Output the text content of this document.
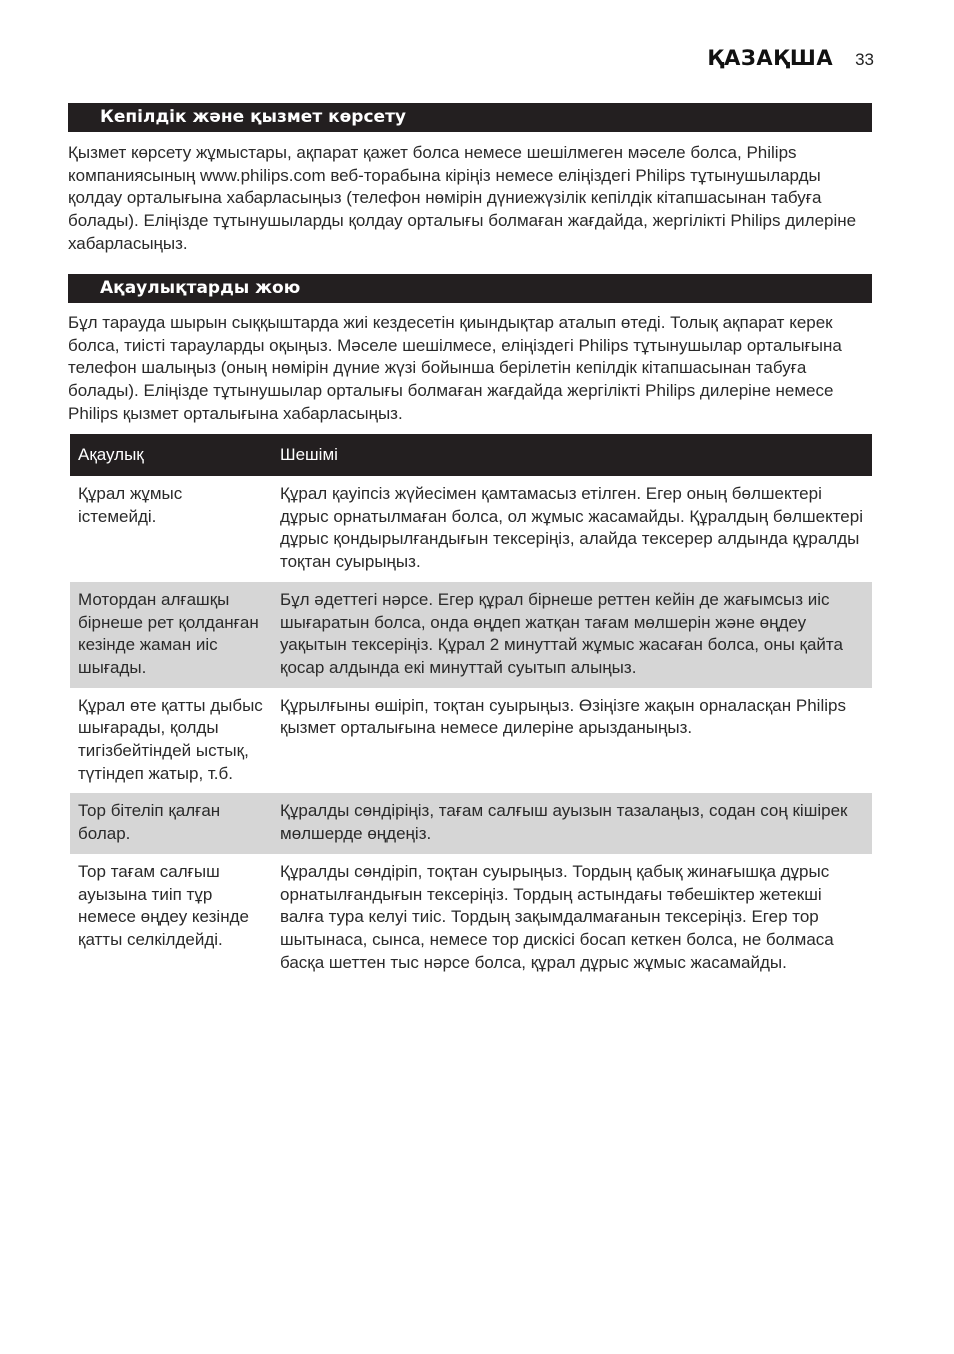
ҚАЗАҚША 33
Кепілдік және қызмет көрсету

Қызмет көрсету жұмыстары, ақпарат қажет болса немесе шешілмеген мәселе болса, Philips компаниясының www.philips.com веб-торабына кіріңіз немесе еліңіздегі Philips тұтынушыларды қолдау орталығына хабарласыңыз (телефон нөмірін дүниежүзілік кепілдік кітапшасынан табуға болады). Еліңізде тұтынушыларды қолдау орталығы болмаған жағдайда, жергілікті Philips дилеріне хабарласыңыз.

Ақаулықтарды жою

Бұл тарауда шырын сыққыштарда жиі кездесетін қиындықтар аталып өтеді. Толық ақпарат керек болса, тиісті тарауларды оқыңыз. Мәселе шешілмесе, еліңіздегі Philips тұтынушылар орталығына телефон шалыңыз (оның нөмірін дүние жүзі бойынша берілетін кепілдік кітапшасынан табуға болады). Еліңізде тұтынушылар орталығы болмаған жағдайда жергілікті Philips дилеріне немесе Philips қызмет орталығына хабарласыңыз.

Ақаулық	Шешімі
Құрал жұмыс істемейді.	Құрал қауіпсіз жүйесімен қамтамасыз етілген. Егер оның бөлшектері дұрыс орнатылмаған болса, ол жұмыс жасамайды. Құралдың бөлшектері дұрыс қондырылғандығын тексеріңіз, алайда тексерер алдында құралды тоқтан суырыңыз.
Мотордан алғашқы бірнеше рет қолданған кезінде жаман иіс шығады.	Бұл әдеттегі нәрсе. Егер құрал бірнеше реттен кейін де жағымсыз иіс шығаратын болса, онда өңдеп жатқан тағам мөлшерін және өңдеу уақытын тексеріңіз. Құрал 2 минуттай жұмыс жасаған болса, оны қайта қосар алдында екі минуттай суытып алыңыз.
Құрал өте қатты дыбыс шығарады, қолды тигізбейтіндей ыстық, түтіндеп жатыр, т.б.	Құрылғыны өшіріп, тоқтан суырыңыз. Өзіңізге жақын орналасқан Philips қызмет орталығына немесе дилеріне арызданыңыз.
Тор бітеліп қалған болар.	Құралды сөндіріңіз, тағам салғыш ауызын тазалаңыз, содан соң кішірек мөлшерде өңдеңіз.
Тор тағам салғыш ауызына тиіп тұр немесе өңдеу кезінде қатты селкілдейді.	Құралды сөндіріп, тоқтан суырыңыз. Тордың қабық жинағышқа дұрыс орнатылғандығын тексеріңіз. Тордың астындағы төбешіктер жетекші валға тура келуі тиіс. Тордың зақымдалмағанын тексеріңіз. Егер тор шытынаса, сынса, немесе тор дискісі босап кеткен болса, не болмаса басқа шеттен тыс нәрсе болса, құрал дұрыс жұмыс жасамайды.
